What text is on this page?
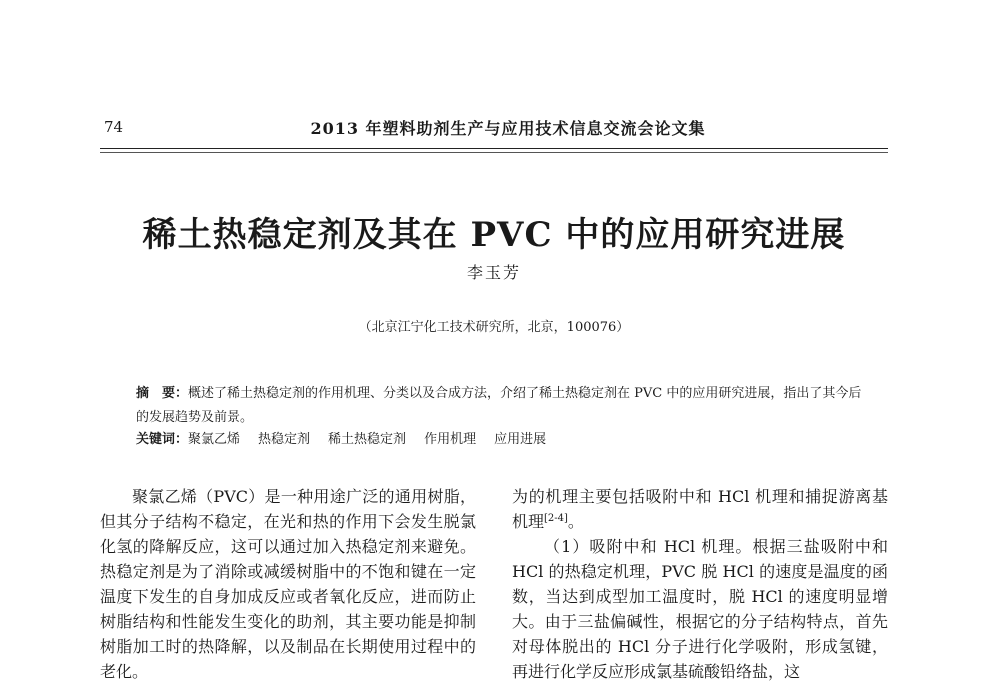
74	2013 年塑料助剂生产与应用技术信息交流会论文集
稀土热稳定剂及其在 PVC 中的应用研究进展
李玉芳
（北京江宁化工技术研究所，北京，100076）
摘　要：概述了稀土热稳定剂的作用机理、分类以及合成方法，介绍了稀土热稳定剂在 PVC 中的应用研究进展，指出了其今后的发展趋势及前景。
关键词：聚氯乙烯 热稳定剂 稀土热稳定剂 作用机理 应用进展

聚氯乙烯（PVC）是一种用途广泛的通用树脂，但其分子结构不稳定，在光和热的作用下会发生脱氯化氢的降解反应，这可以通过加入热稳定剂来避免。热稳定剂是为了消除或减缓树脂中的不饱和键在一定温度下发生的自身加成反应或者氧化反应，进而防止树脂结构和性能发生变化的助剂，其主要功能是抑制树脂加工时的热降解，以及制品在长期使用过程中的老化。

为的机理主要包括吸附中和 HCl 机理和捕捉游离基机理[2-4]。

（1）吸附中和 HCl 机理。根据三盐吸附中和 HCl 的热稳定机理，PVC 脱 HCl 的速度是温度的函数，当达到成型加工温度时，脱 HCl 的速度明显增大。由于三盐偏碱性，根据它的分子结构特点，首先对母体脱出的 HCl 分子进行化学吸附，形成氢键，再进行化学反应形成氯基硫酸铅络盐，这
